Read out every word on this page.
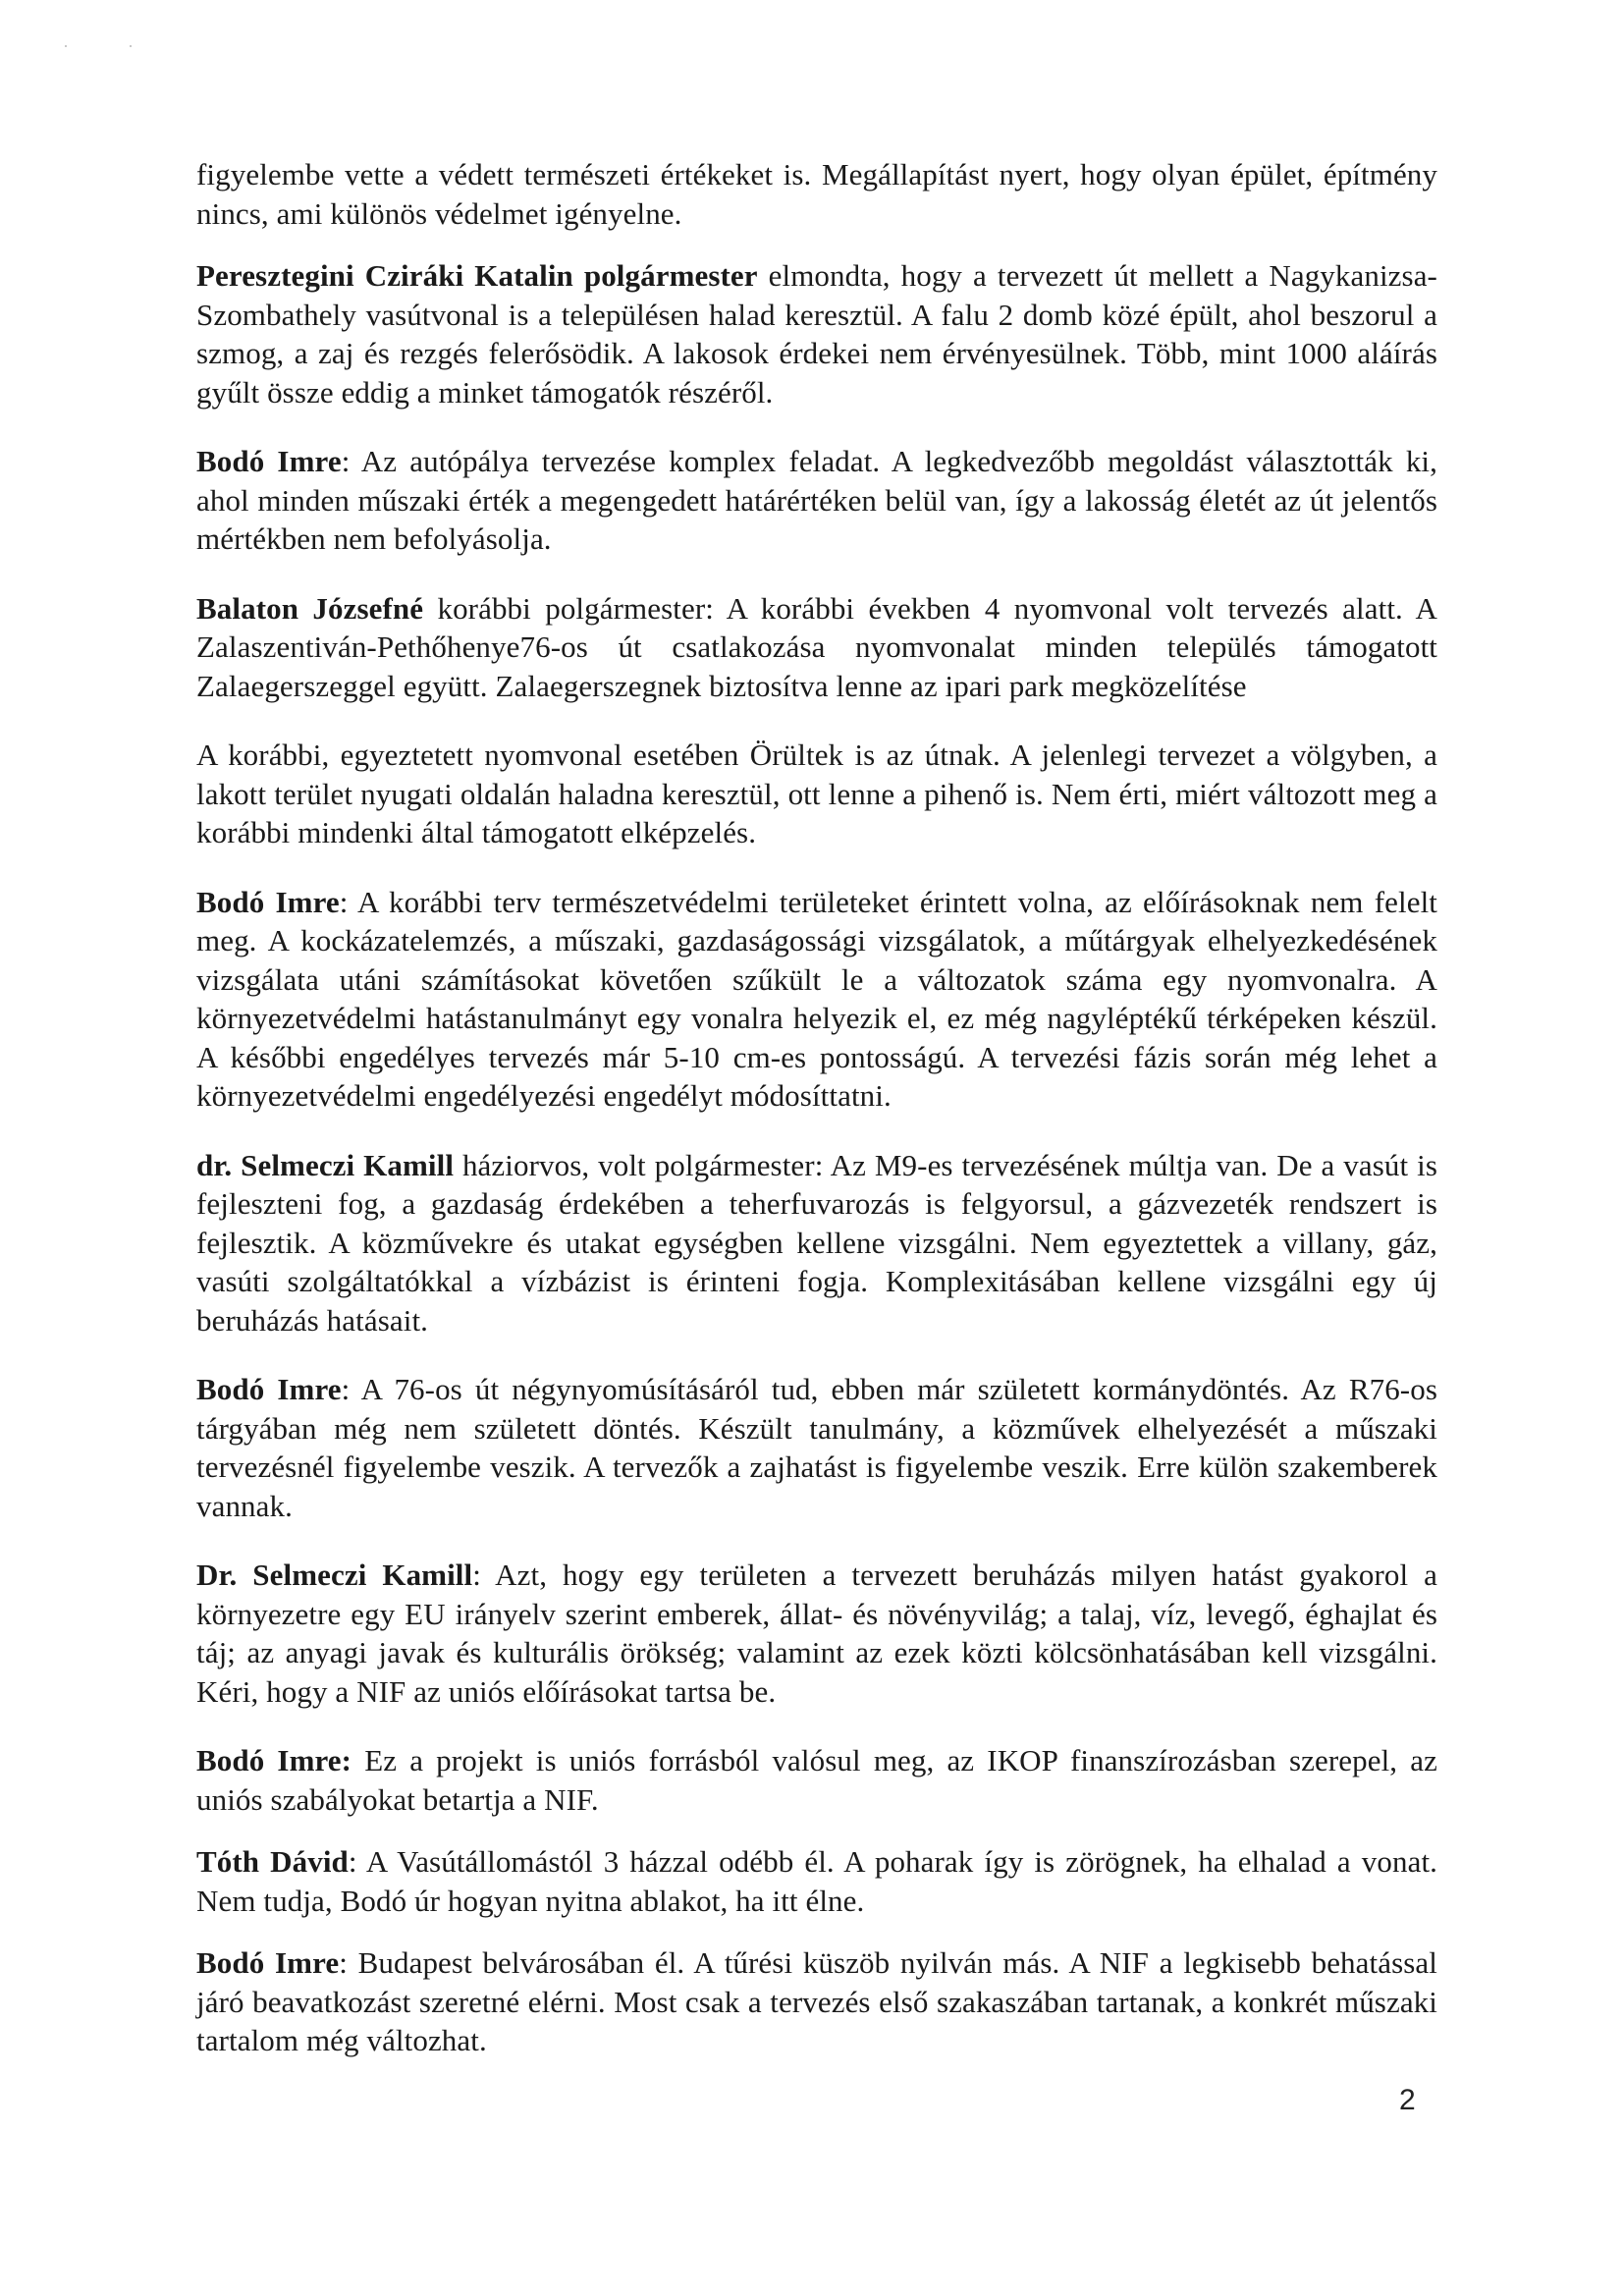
figyelembe vette a védett természeti értékeket is. Megállapítást nyert, hogy olyan épület, építmény nincs, ami különös védelmet igényelne.

Peresztegini Cziráki Katalin polgármester elmondta, hogy a tervezett út mellett a Nagykanizsa-Szombathely vasútvonal is a településen halad keresztül. A falu 2 domb közé épült, ahol beszorul a szmog, a zaj és rezgés felerősödik. A lakosok érdekei nem érvényesülnek. Több, mint 1000 aláírás gyűlt össze eddig a minket támogatók részéről.

Bodó Imre: Az autópálya tervezése komplex feladat. A legkedvezőbb megoldást választották ki, ahol minden műszaki érték a megengedett határértéken belül van, így a lakosság életét az út jelentős mértékben nem befolyásolja.

Balaton Józsefné korábbi polgármester: A korábbi években 4 nyomvonal volt tervezés alatt. A Zalaszentiván-Pethőhenye76-os út csatlakozása nyomvonalat minden település támogatott Zalaegerszeggel együtt. Zalaegerszegnek biztosítva lenne az ipari park megközelítése

A korábbi, egyeztetett nyomvonal esetében Örültek is az útnak. A jelenlegi tervezet a völgyben, a lakott terület nyugati oldalán haladna keresztül, ott lenne a pihenő is. Nem érti, miért változott meg a korábbi mindenki által támogatott elképzelés.

Bodó Imre: A korábbi terv természetvédelmi területeket érintett volna, az előírásoknak nem felelt meg. A kockázatelemzés, a műszaki, gazdaságossági vizsgálatok, a műtárgyak elhelyezkedésének vizsgálata utáni számításokat követően szűkült le a változatok száma egy nyomvonalra. A környezetvédelmi hatástanulmányt egy vonalra helyezik el, ez még nagyléptékű térképeken készül. A későbbi engedélyes tervezés már 5-10 cm-es pontosságú. A tervezési fázis során még lehet a környezetvédelmi engedélyezési engedélyt módosíttatni.

dr. Selmeczi Kamill háziorvos, volt polgármester: Az M9-es tervezésének múltja van. De a vasút is fejleszteni fog, a gazdaság érdekében a teherfuvarozás is felgyorsul, a gázvezeték rendszert is fejlesztik. A közművekre és utakat egységben kellene vizsgálni. Nem egyeztettek a villany, gáz, vasúti szolgáltatókkal a vízbázist is érinteni fogja. Komplexitásában kellene vizsgálni egy új beruházás hatásait.

Bodó Imre: A 76-os út négynyomúsításáról tud, ebben már született kormánydöntés. Az R76-os tárgyában még nem született döntés. Készült tanulmány, a közművek elhelyezését a műszaki tervezésnél figyelembe veszik. A tervezők a zajhatást is figyelembe veszik. Erre külön szakemberek vannak.

Dr. Selmeczi Kamill: Azt, hogy egy területen a tervezett beruházás milyen hatást gyakorol a környezetre egy EU irányelv szerint emberek, állat- és növényvilág; a talaj, víz, levegő, éghajlat és táj; az anyagi javak és kulturális örökség; valamint az ezek közti kölcsönhatásában kell vizsgálni. Kéri, hogy a NIF az uniós előírásokat tartsa be.

Bodó Imre: Ez a projekt is uniós forrásból valósul meg, az IKOP finanszírozásban szerepel, az uniós szabályokat betartja a NIF.

Tóth Dávid: A Vasútállomástól 3 házzal odébb él. A poharak így is zörögnek, ha elhalad a vonat. Nem tudja, Bodó úr hogyan nyitna ablakot, ha itt élne.

Bodó Imre: Budapest belvárosában él. A tűrési küszöb nyilván más. A NIF a legkisebb behatással járó beavatkozást szeretné elérni. Most csak a tervezés első szakaszában tartanak, a konkrét műszaki tartalom még változhat.

2
